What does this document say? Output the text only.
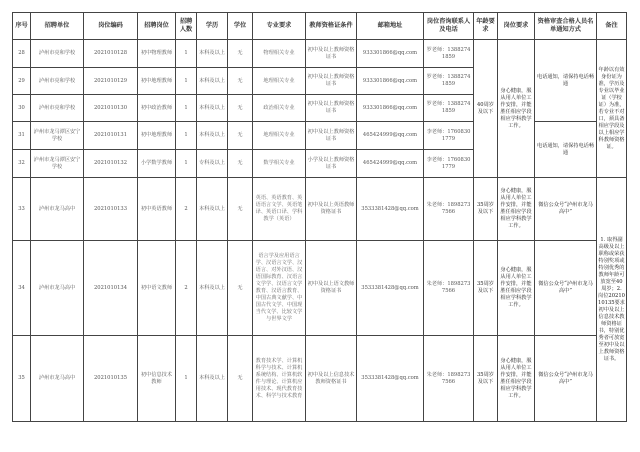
序号	招聘单位	岗位编码	招聘岗位	招聘人数	学历	学位	专业要求	教师资格证条件	邮箱地址	岗位咨询联系人及电话	年龄要求	岗位要求	资格审查合格人员名单通知方式	备注
28	泸州市亮和学校	2021010128	初中物理教师	1	本科及以上	无	物理相关专业	初中及以上教师资格证书	933301866@qq.com	罗老师：13882741859	40周岁及以下	身心健康，服从用人单位工作安排，并能胜任相应学段相应学科教学工作。	电话通知，请保持电话畅通	年龄以有效身份证为准，学历及专业以毕业证（学校证）为准，若专业不对口，须具备相应学段及以上相应学科教师资格证。
29	泸州市亮和学校	2021010129	初中地理教师	1	本科及以上	无	地理相关专业	初中及以上教师资格证书	933301866@qq.com	罗老师：13882741859				
30	泸州市亮和学校	2021010130	初中政治教师	1	本科及以上	无	政治相关专业	初中及以上教师资格证书	933301866@qq.com	罗老师：13882741859				
31	泸州市龙马潭区安宁学校	2021010131	初中地理教师	1	本科及以上	无	地理相关专业	初中及以上教师资格证书	465424999@qq.com	李老师：17608301779			电话通知，请保持电话畅通	
32	泸州市龙马潭区安宁学校	2021010132	小学数学教师	1	专科及以上	无	数学相关专业	小学及以上教师资格证书	465424999@qq.com	李老师：17608301779				
33	泸州市龙马高中	2021010133	初中英语教师	2	本科及以上	无	英语、英语教育、英语语言文学、英语笔译、英语口译、学科教学（英语）	初中及以上英语教师资格证书	3533381428@qq.com	朱老师：18982737566	35周岁及以下	身心健康，服从用人单位工作安排，并能胜任相应学段相应学科教学工作。	微信公众号“泸州市龙马高中”	1. 取得副高级及以上职称或荣获特别奖项或特别优秀的教师年龄可放宽至40周岁；2. 岗位2021010135要求初中及以上信息技术教师资格证书，特别优秀者可放宽至初中及以上教师资格证书。
34	泸州市龙马高中	2021010134	初中语文教师	2	本科及以上	无	语言学及应用语言学、汉语言文学、汉语言、对外汉语、汉语国际教育、汉语言文学学、汉语言文学教育、汉语言教育、中国古典文献学、中国古代文学、中国现当代文学、比较文学与世界文学	初中及以上语文教师资格证书	3533381428@qq.com	朱老师：18982737566	35周岁及以下	身心健康，服从用人单位工作安排，并能胜任相应学段相应学科教学工作。	微信公众号“泸州市龙马高中”	
35	泸州市龙马高中	2021010135	初中信息技术教师	1	本科及以上	无	教育技术学、计算机科学与技术、计算机系统结构、计算机软件与理论、计算机应用技术、现代教育技术、科学与技术教育	初中及以上信息技术教师资格证书	3533381428@qq.com	朱老师：18982737566	35周岁及以下	身心健康，服从用人单位工作安排，并能胜任相应学段相应学科教学工作。	微信公众号“泸州市龙马高中”	
